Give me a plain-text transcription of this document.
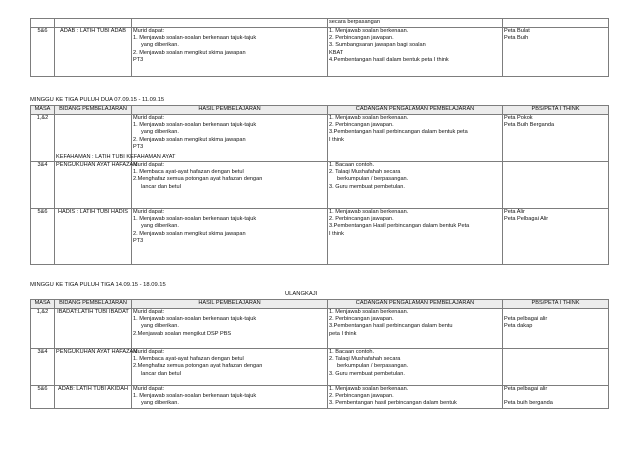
			secara berpasangan	
5&6	ADAB : LATIH TUBI ADAB	Murid dapat:
1. Menjawab soalan-soalan berkenaan tajuk-tajuk
yang diberikan.
2. Menjawab soalan mengikut skima jawapan
PT3	1. Menjawab soalan berkenaan.
2. Perbincangan jawapan.
3. Sumbangsaran jawapan bagi soalan
KBAT
4.Pembentangan hasil dalam bentuk peta I think	Peta Bulat
Peta Buih
MINGGU KE TIGA PULUH DUA 07.09.15 - 11.09.15
MASA	BIDANG PEMBELAJARAN	HASIL PEMBELAJARAN	CADANGAN PENGALAMAN PEMBELAJARAN	PBS/PETA I THINK
1,&2	KEFAHAMAN : LATIH TUBI KEFAHAMAN AYAT	Murid dapat:
1. Menjawab soalan-soalan berkenaan tajuk-tajuk
yang diberikan.
2. Menjawab soalan mengikut skima jawapan
PT3	1. Menjawab soalan berkenaan.
2. Perbincangan jawapan.
3.Pembentangan hasil perbincangan dalam bentuk peta
I think	Peta Pokok
Peta Buih Berganda

3&4	PENGUKUHAN AYAT HAFAZAN	Murid dapat:
1. Membaca ayat-ayat hafazan dengan betul
2.Menghafaz semua potongan ayat hafazan dengan
lancar dan betul	1. Bacaan contoh.
2. Talaqi Mushafahah secara
berkumpulan / berpasangan.
3. Guru membuat pembetulan.	

5&6	HADIS : LATIH TUBI HADIS	Murid dapat:
1. Menjawab soalan-soalan berkenaan tajuk-tajuk
yang diberikan.
2. Menjawab soalan mengikut skima jawapan
PT3	1. Menjawab soalan berkenaan.
2. Perbincangan jawapan.
3.Pembentangan Hasil perbincangan dalam bentuk Peta
I think	Peta Alir
Peta Pelbagai Alir
MINGGU KE TIGA PULUH TIGA 14.09.15 - 18.09.15
ULANGKAJI
MASA	BIDANG PEMBELAJARAN	HASIL PEMBELAJARAN	CADANGAN PENGALAMAN PEMBELAJARAN	PBS/PETA I THINK
1,&2	IBADAT:LATIH TUBI IBADAT	Murid dapat:
1. Menjawab soalan-soalan berkenaan tajuk-tajuk
yang diberikan.
2.Menjawab soalan mengikut DSP PBS	1. Menjawab soalan berkenaan.
2. Perbincangan jawapan.
3.Pembentangan hasil perbincangan dalam bentu
peta I think	Peta pelbagai alir
Peta dakap

3&4	PENGUKUHAN AYAT HAFAZAN	Murid dapat:
1. Membaca ayat-ayat hafazan dengan betul
2.Menghafaz semua potongan ayat hafazan dengan
lancar dan betul	1. Bacaan contoh.
2. Talaqi Mushafahah secara
berkumpulan / berpasangan.
3. Guru membuat pembetulan.	

5&6	ADAB: LATIH TUBI AKIDAH	Murid dapat:
1. Menjawab soalan-soalan berkenaan tajuk-tajuk
yang diberikan.	1. Menjawab soalan berkenaan.
2. Perbincangan jawapan.
3. Pembentangan hasil perbincangan dalam bentuk	Peta pelbagai alir
Peta buih berganda
